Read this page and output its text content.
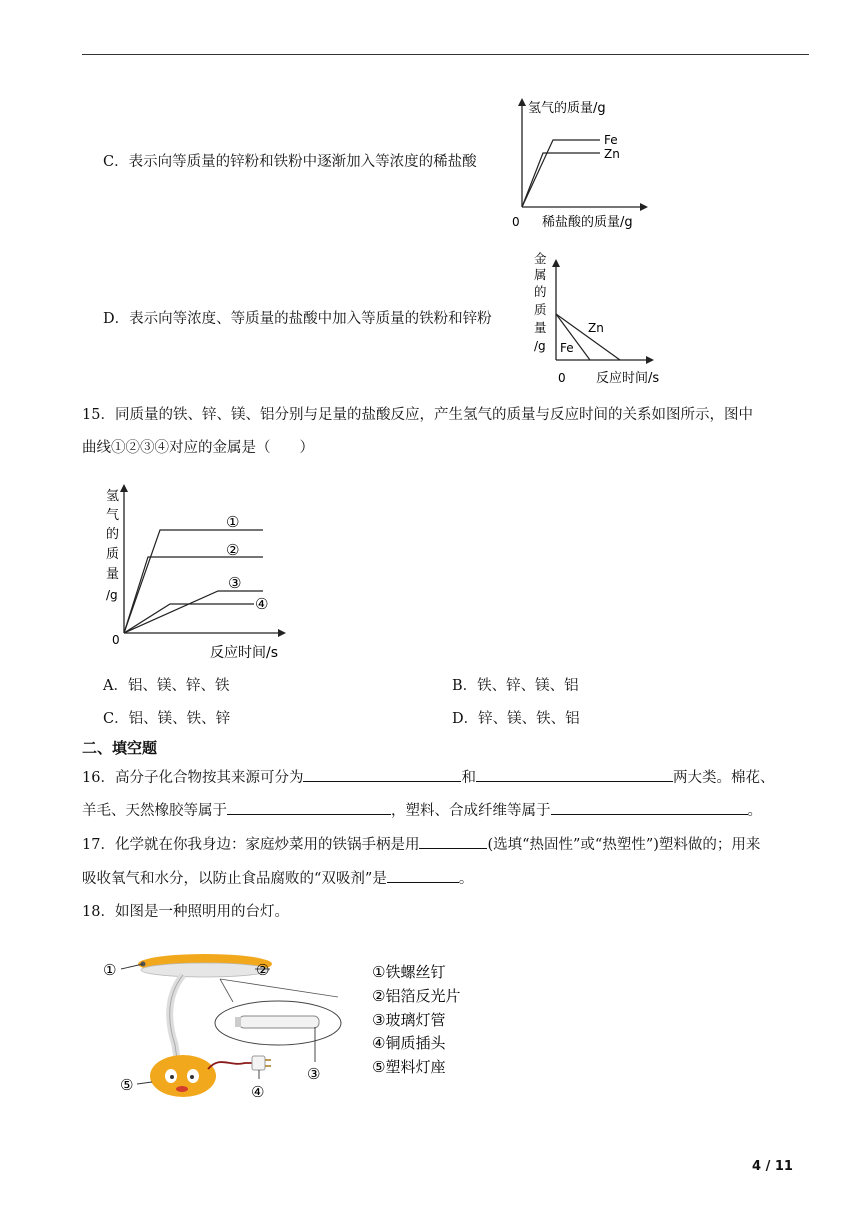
C．表示向等质量的锌粉和铁粉中逐渐加入等浓度的稀盐酸
氢气的质量/g
Fe
Zn
0 稀盐酸的质量/g
D．表示向等浓度、等质量的盐酸中加入等质量的铁粉和锌粉
金
属
的
质
量
/g
Zn
Fe
0 反应时间/s
15．同质量的铁、锌、镁、铝分别与足量的盐酸反应，产生氢气的质量与反应时间的关系如图所示，图中
曲线①②③④对应的金属是（　　）
氢
气
的
质
量
/g
①
②
③
④
0
反应时间/s
A．铝、镁、锌、铁	B．铁、锌、镁、铝
C．铝、镁、铁、锌	D．锌、镁、铁、铝
二、填空题
16．高分子化合物按其来源可分为	和	两大类。棉花、
羊毛、天然橡胶等属于	，塑料、合成纤维等属于	。
17．化学就在你我身边：家庭炒菜用的铁锅手柄是用	(选填“热固性”或“热塑性”)塑料做的；用来
吸收氧气和水分，以防止食品腐败的“双吸剂”是	。
18．如图是一种照明用的台灯。
①	②
③
④
⑤
①铁螺丝钉
②铝箔反光片
③玻璃灯管
④铜质插头
⑤塑料灯座
4 / 11
